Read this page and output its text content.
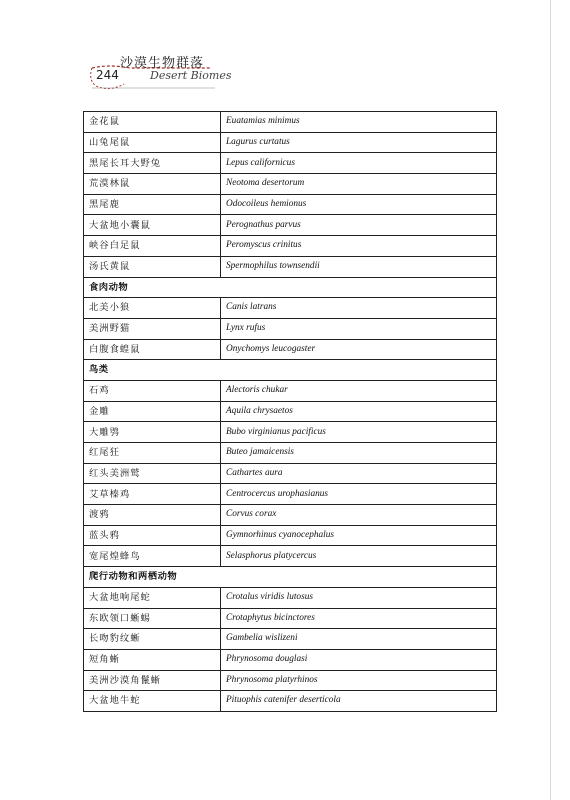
沙漠生物群落
Desert Biomes
244
金花鼠	Euatamias minimus
山兔尾鼠	Lagurus curtatus
黑尾长耳大野兔	Lepus californicus
荒漠林鼠	Neotoma desertorum
黑尾鹿	Odocoileus hemionus
大盆地小囊鼠	Perognathus parvus
峡谷白足鼠	Peromyscus crinitus
汤氏黄鼠	Spermophilus townsendii
食肉动物	
北美小狼	Canis latrans
美洲野猫	Lynx rufus
白腹食蝗鼠	Onychomys leucogaster
鸟类	
石鸡	Alectoris chukar
金雕	Aquila chrysaetos
大雕鸮	Bubo virginianus pacificus
红尾狂	Buteo jamaicensis
红头美洲鹫	Cathartes aura
艾草榛鸡	Centrocercus urophasianus
渡鸦	Corvus corax
蓝头鸦	Gymnorhinus cyanocephalus
宽尾煌蜂鸟	Selasphorus platycercus
爬行动物和两栖动物	
大盆地响尾蛇	Crotalus viridis lutosus
东欧领口蜥蜴	Crotaphytus bicinctores
长吻豹纹蜥	Gambelia wislizeni
短角蜥	Phrynosoma douglasi
美洲沙漠角鬣蜥	Phrynosoma platyrhinos
大盆地牛蛇	Pituophis catenifer deserticola
